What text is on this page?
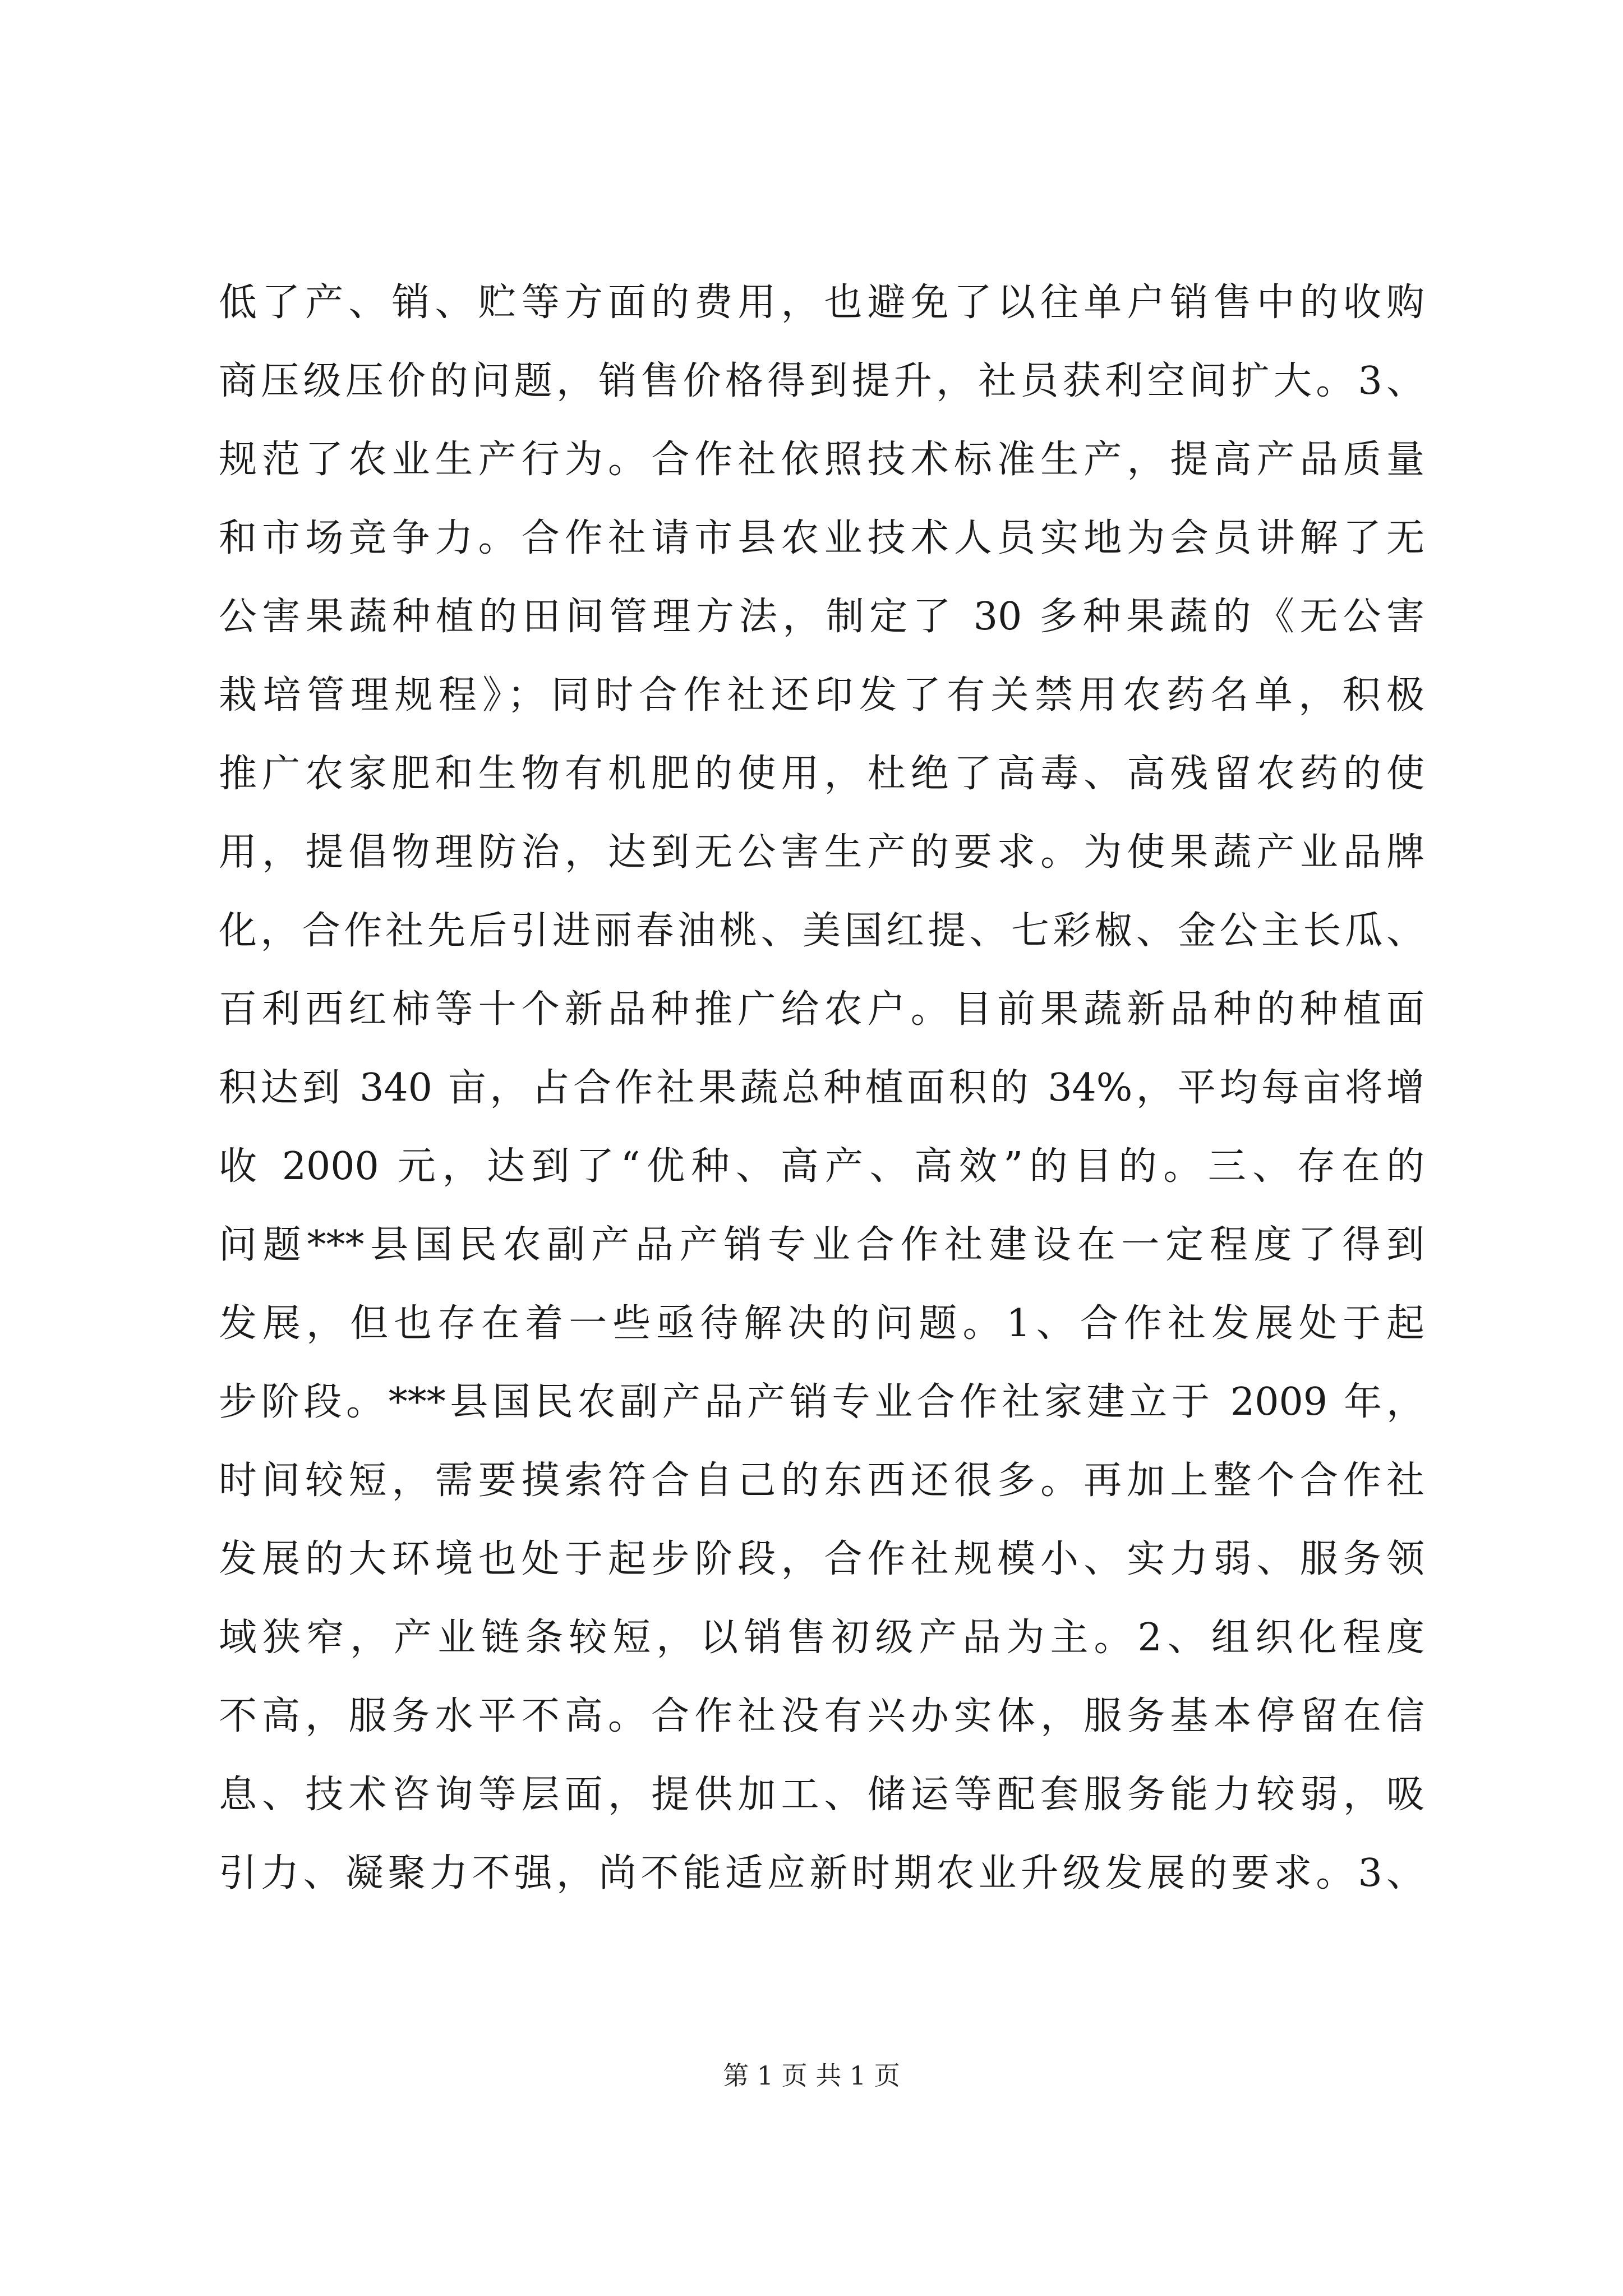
低了产、销、贮等方面的费用，也避免了以往单户销售中的收购
商压级压价的问题，销售价格得到提升，社员获利空间扩大。3、
规范了农业生产行为。合作社依照技术标准生产，提高产品质量
和市场竞争力。合作社请市县农业技术人员实地为会员讲解了无
公害果蔬种植的田间管理方法，制定了 30 多种果蔬的《无公害
栽培管理规程》；同时合作社还印发了有关禁用农药名单，积极
推广农家肥和生物有机肥的使用，杜绝了高毒、高残留农药的使
用，提倡物理防治，达到无公害生产的要求。为使果蔬产业品牌
化，合作社先后引进丽春油桃、美国红提、七彩椒、金公主长瓜、
百利西红柿等十个新品种推广给农户。目前果蔬新品种的种植面
积达到 340 亩，占合作社果蔬总种植面积的 34%，平均每亩将增
收 2000 元，达到了“优种、高产、高效”的目的。三、存在的
问题***县国民农副产品产销专业合作社建设在一定程度了得到
发展，但也存在着一些亟待解决的问题。1、合作社发展处于起
步阶段。***县国民农副产品产销专业合作社家建立于 2009 年，
时间较短，需要摸索符合自己的东西还很多。再加上整个合作社
发展的大环境也处于起步阶段，合作社规模小、实力弱、服务领
域狭窄，产业链条较短，以销售初级产品为主。2、组织化程度
不高，服务水平不高。合作社没有兴办实体，服务基本停留在信
息、技术咨询等层面，提供加工、储运等配套服务能力较弱，吸
引力、凝聚力不强，尚不能适应新时期农业升级发展的要求。3、
第 1 页 共 1 页
